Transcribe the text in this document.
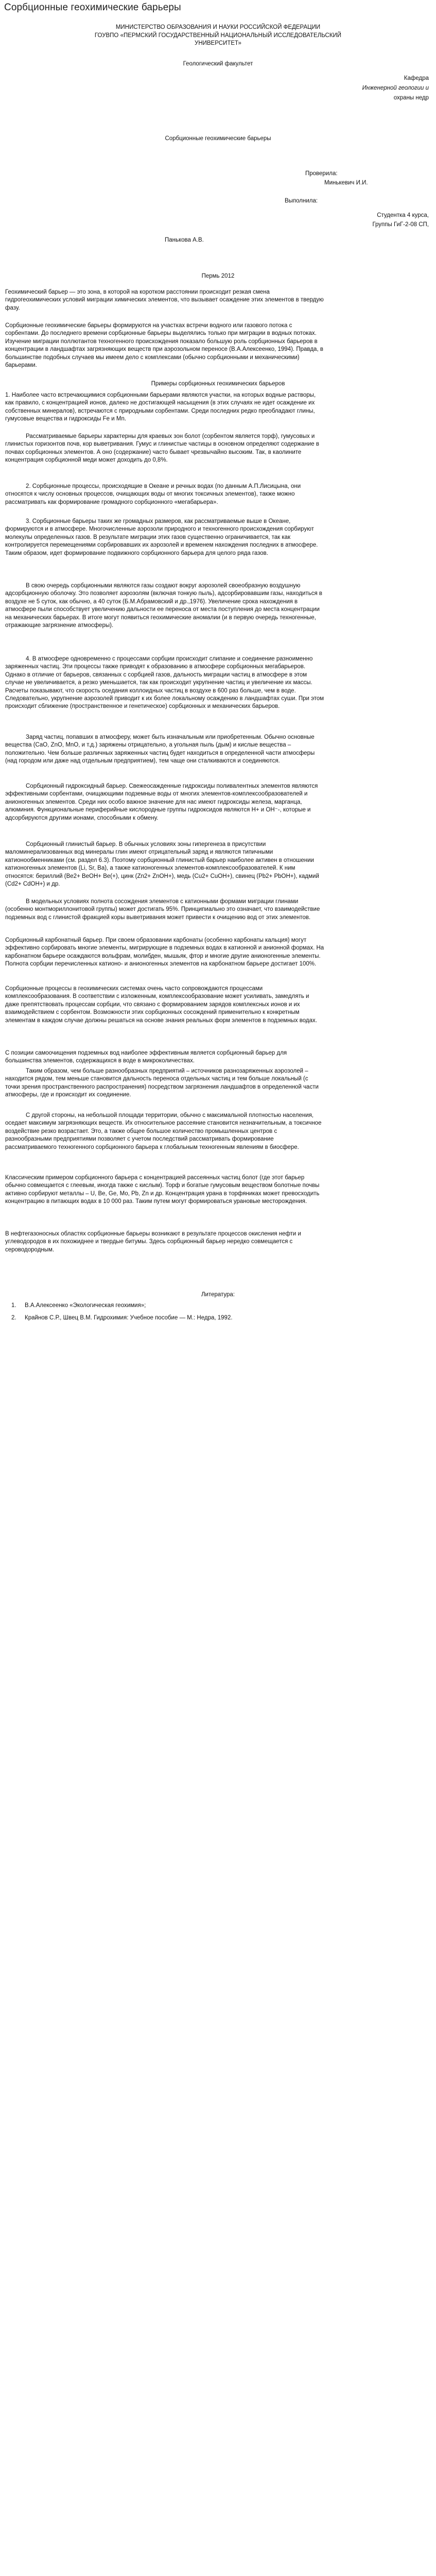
Сорбционные геохимические барьеры

МИНИСТЕРСТВО ОБРАЗОВАНИЯ И НАУКИ РОССИЙСКОЙ ФЕДЕРАЦИИ

ГОУВПО «ПЕРМСКИЙ ГОСУДАРСТВЕННЫЙ НАЦИОНАЛЬНЫЙ ИССЛЕДОВАТЕЛЬСКИЙ

УНИВЕРСИТЕТ»

Геологический факультет

Кафедра

Инженерной геологии и

охраны недр

Сорбционные геохимические барьеры

Проверила:

Минькевич И.И.

Выполнила:

Студентка 4 курса,

Группы ГиГ-2-08 СП,

Панькова А.В.

Пермь 2012

Геохимический барьер — это зона, в которой на коротком расстоянии происходит резкая смена гидрогеохимических условий миграции химических элементов, что вызывает осаждение этих элементов в твердую фазу.

Сорбционные геохимические барьеры формируются на участках встречи водного или газового потока с сорбентами. До последнего времени сорбционные барьеры выделялись только при миграции в водных потоках. Изучение миграции поллютантов техногенного происхождения показало большую роль сорбционных барьеров в концентрации в ландшафтах загрязняющих веществ при аэрозольном переносе (В.А.Алексеенко, 1994). Правда, в большинстве подобных случаев мы имеем дело с комплексами (обычно сорбционными и механическими) барьерами.

Примеры сорбционных геохимических барьеров

1. Наиболее часто встречающимися сорбционными барьерами являются участки, на которых водные растворы, как правило, с концентрацией ионов, далеко не достигающей насыщения (в этих случаях не идет осаждение их собственных минералов), встречаются с природными сорбентами. Среди последних редко преобладают глины, гумусовые вещества и гидроксиды Fe и Mn.

Рассматриваемые барьеры характерны для краевых зон болот (сорбентом является торф), гумусовых и глинистых горизонтов почв, кор выветривания. Гумус и глинистые частицы в основном определяют содержание в почвах сорбционных элементов. А оно (содержание) часто бывает чрезвычайно высоким. Так, в каолините концентрация сорбционной меди может доходить до 0,8%.

2. Сорбционные процессы, происходящие в Океане и речных водах (по данным А.П.Лисицына, они относятся к числу основных процессов, очищающих воды от многих токсичных элементов), также можно рассматривать как формирование громадного сорбционного «мегабарьера».

3. Сорбционные барьеры таких же громадных размеров, как рассматриваемые выше в Океане, формируются и в атмосфере. Многочисленные аэрозоли природного и техногенного происхождения сорбируют молекулы определенных газов. В результате миграции этих газов существенно ограничивается, так как контролируется перемещениями сорбировавших их аэрозолей и временем нахождения последних в атмосфере. Таким образом, идет формирование подвижного сорбционного барьера для целого ряда газов.

В свою очередь сорбционными являются газы создают вокруг аэрозолей своеобразную воздушную адсорбционную оболочку. Это позволяет аэрозолям (включая тонкую пыль), адсорбировавшим газы, находиться в воздухе не 5 суток, как обычно, а 40 суток (Б.М.Абрамовский и др.,1976). Увеличение срока нахождения в атмосфере пыли способствует увеличению дальности ее переноса от места поступления до места концентрации на механических барьерах. В итоге могут появиться геохимические аномалии (и в первую очередь техногенные, отражающие загрязнение атмосферы).

4. В атмосфере одновременно с процессами сорбции происходит слипание и соединение разноименно заряженных частиц. Эти процессы также приводят к образованию в атмосфере сорбционных мегабарьеров. Однако в отличие от барьеров, связанных с сорбцией газов, дальность миграции частиц в атмосфере в этом случае не увеличивается, а резко уменьшается, так как происходит укрупнение частиц и увеличение их массы. Расчеты показывают, что скорость оседания коллоидных частиц в воздухе в 600 раз больше, чем в воде. Следовательно, укрупнение аэрозолей приводит к их более локальному осаждению в ландшафтах суши. При этом происходит сближение (пространственное и генетическое) сорбционных и механических барьеров.

Заряд частиц, попавших в атмосферу, может быть изначальным или приобретенным. Обычно основные вещества (CaO, ZnO, MnO, и т.д.) заряжены отрицательно, а угольная пыль (дым) и кислые вещества – положительно. Чем больше различных заряженных частиц будет находиться в определенной части атмосферы (над городом или даже над отдельным предприятием), тем чаще они сталкиваются и соединяются.

Сорбционный гидроксидный барьер. Свежеосажденные гидроксиды поливалентных элементов являются эффективными сорбентами, очищающими подземные воды от многих элементов-комплексообразователей и анионогенных элементов. Среди них особо важное значение для нас имеют гидроксиды железа, марганца, алюминия. Функциональные периферийные кислородные группы гидроксидов являются H+ и OH⁻-, которые и адсорбируются другими ионами, способными к обмену.

Сорбционный глинистый барьер. В обычных условиях зоны гипергенеза в присутствии маломинерализованных вод минералы глин имеют отрицательный заряд и являются типичными катионообменниками (см. раздел 6.3). Поэтому сорбционный глинистый барьер наиболее активен в отношении катионогенных элементов (Li, Sr, Ba), а также катионогенных элементов-комплексообразователей. К ним относятся: бериллий (Be2+ BeOH+ Be(+), цинк (Zn2+ ZnOH+), медь (Cu2+ CuOH+), свинец (Pb2+ PbOH+), кадмий (Cd2+ CdOH+) и др.

В модельных условиях полнота сосождения элементов с катионными формами миграции глинами (особенно монтмориллонитовой группы) может достигать 95%. Принципиально это означает, что взаимодействие подземных вод с глинистой фракцией коры выветривания может привести к очищению вод от этих элементов.

Сорбционный карбонатный барьер. При своем образовании карбонаты (особенно карбонаты кальция) могут эффективно сорбировать многие элементы, мигрирующие в подземных водах в катионной и анионной формах. На карбонатном барьере осаждаются вольфрам, молибден, мышьяк, фтор и многие другие анионогенные элементы. Полнота сорбции перечисленных катионо- и анионогенных элементов на карбонатном барьере достигает 100%.

Сорбционные процессы в геохимических системах очень часто сопровождаются процессами комплексообразования. В соответствии с изложенным, комплексообразование может усиливать, замедлять и даже препятствовать процессам сорбции, что связано с формированием зарядов комплексных ионов и их взаимодействием с сорбентом. Возможности этих сорбционных сосождений применительно к конкретным элементам в каждом случае должны решаться на основе знания реальных форм элементов в подземных водах.

С позиции самоочищения подземных вод наиболее эффективным является сорбционный барьер для большинства элементов, содержащихся в воде в микроколичествах.

Таким образом, чем больше разнообразных предприятий – источников разнозаряженных аэрозолей – находится рядом, тем меньше становится дальность переноса отдельных частиц и тем больше локальный (с точки зрения пространственного распространения) посредством загрязнения ландшафтов в определенной части атмосферы, где и происходит их соединение.

С другой стороны, на небольшой площади территории, обычно с максимальной плотностью населения, оседает максимум загрязняющих веществ. Их относительное рассеяние становится незначительным, а токсичное воздействие резко возрастает. Это, а также общее большое количество промышленных центров с разнообразными предприятиями позволяет с учетом последствий рассматривать формирование рассматриваемого техногенного сорбционного барьера к глобальным техногенным явлениям в биосфере.

Классическим примером сорбционного барьера с концентрацией рассеянных частиц болот (где этот барьер обычно совмещается с глеевым, иногда также с кислым). Торф и богатые гумусовым веществом болотные почвы активно сорбируют металлы – U, Be, Ge, Mo, Pb, Zn и др. Концентрация урана в торфяниках может превосходить концентрацию в питающих водах в 10 000 раз. Таким путем могут формироваться урановые месторождения.

В нефтегазоносных областях сорбционные барьеры возникают в результате процессов окисления нефти и углеводородов в их похожиднее и твердые битумы. Здесь сорбционный барьер нередко совмещается с сероводородным.

Литература:

1. В.А.Алексеенко «Экологическая геохимия»;
2. Крайнов С.Р., Швец В.М. Гидрохимия: Учебное пособие — М.: Недра, 1992.
